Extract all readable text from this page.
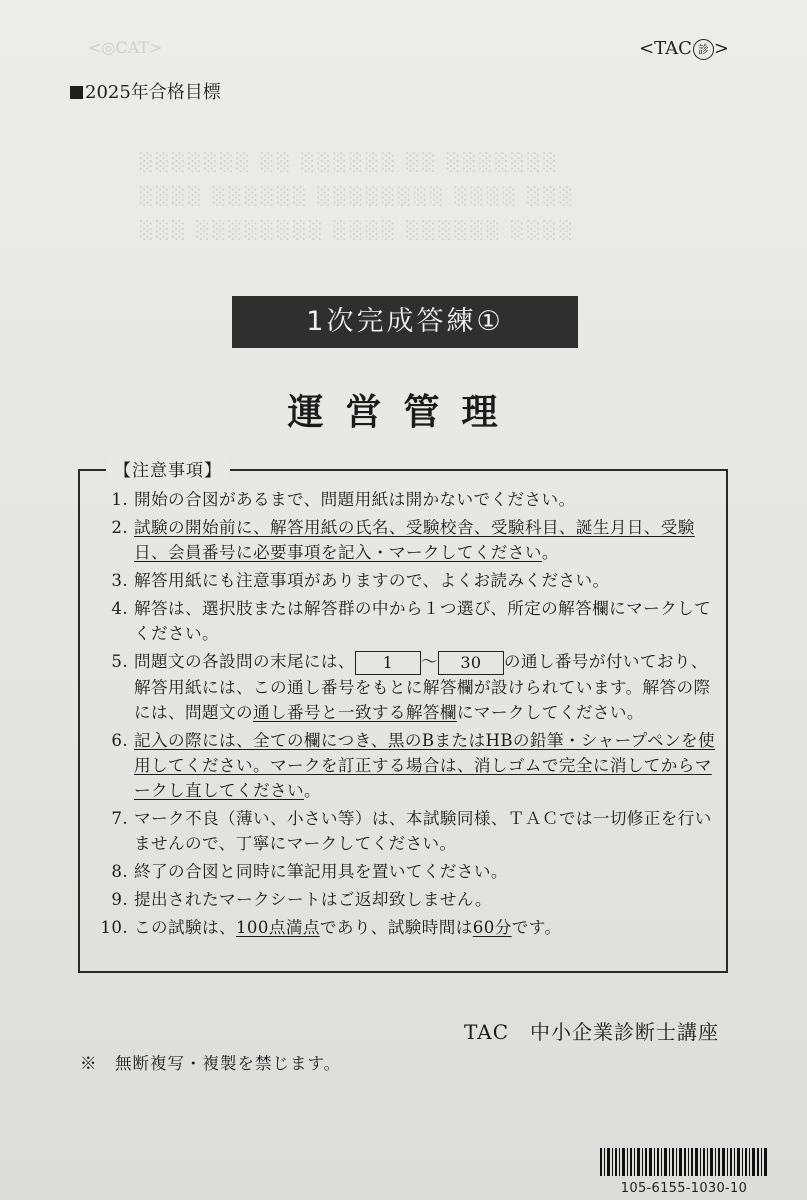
<◎CAT>
░░░░░░░ ░░ ░░░░░░ ░░ ░░░░░░░
░░░░ ░░░░░░ ░░░░░░░░ ░░░░ ░░░
░░░ ░░░░░░░░ ░░░░ ░░░░░░ ░░░░
<TAC 診 >
2025年合格目標
1次完成答練①
運営管理
【注意事項】
1. 開始の合図があるまで、問題用紙は開かないでください。
2. 試験の開始前に、解答用紙の氏名、受験校舎、受験科目、誕生月日、受験日、会員番号に必要事項を記入・マークしてください。
3. 解答用紙にも注意事項がありますので、よくお読みください。
4. 解答は、選択肢または解答群の中から１つ選び、所定の解答欄にマークしてください。
5. 問題文の各設問の末尾には、 1 ～ 30 の通し番号が付いており、解答用紙には、この通し番号をもとに解答欄が設けられています。解答の際には、問題文の通し番号と一致する解答欄にマークしてください。
6. 記入の際には、全ての欄につき、黒のBまたはHBの鉛筆・シャープペンを使用してください。マークを訂正する場合は、消しゴムで完全に消してからマークし直してください。
7. マーク不良（薄い、小さい等）は、本試験同様、ＴＡＣでは一切修正を行いませんので、丁寧にマークしてください。
8. 終了の合図と同時に筆記用具を置いてください。
9. 提出されたマークシートはご返却致しません。
10. この試験は、100点満点であり、試験時間は60分です。
TAC　中小企業診断士講座
※　無断複写・複製を禁じます。
105-6155-1030-10
